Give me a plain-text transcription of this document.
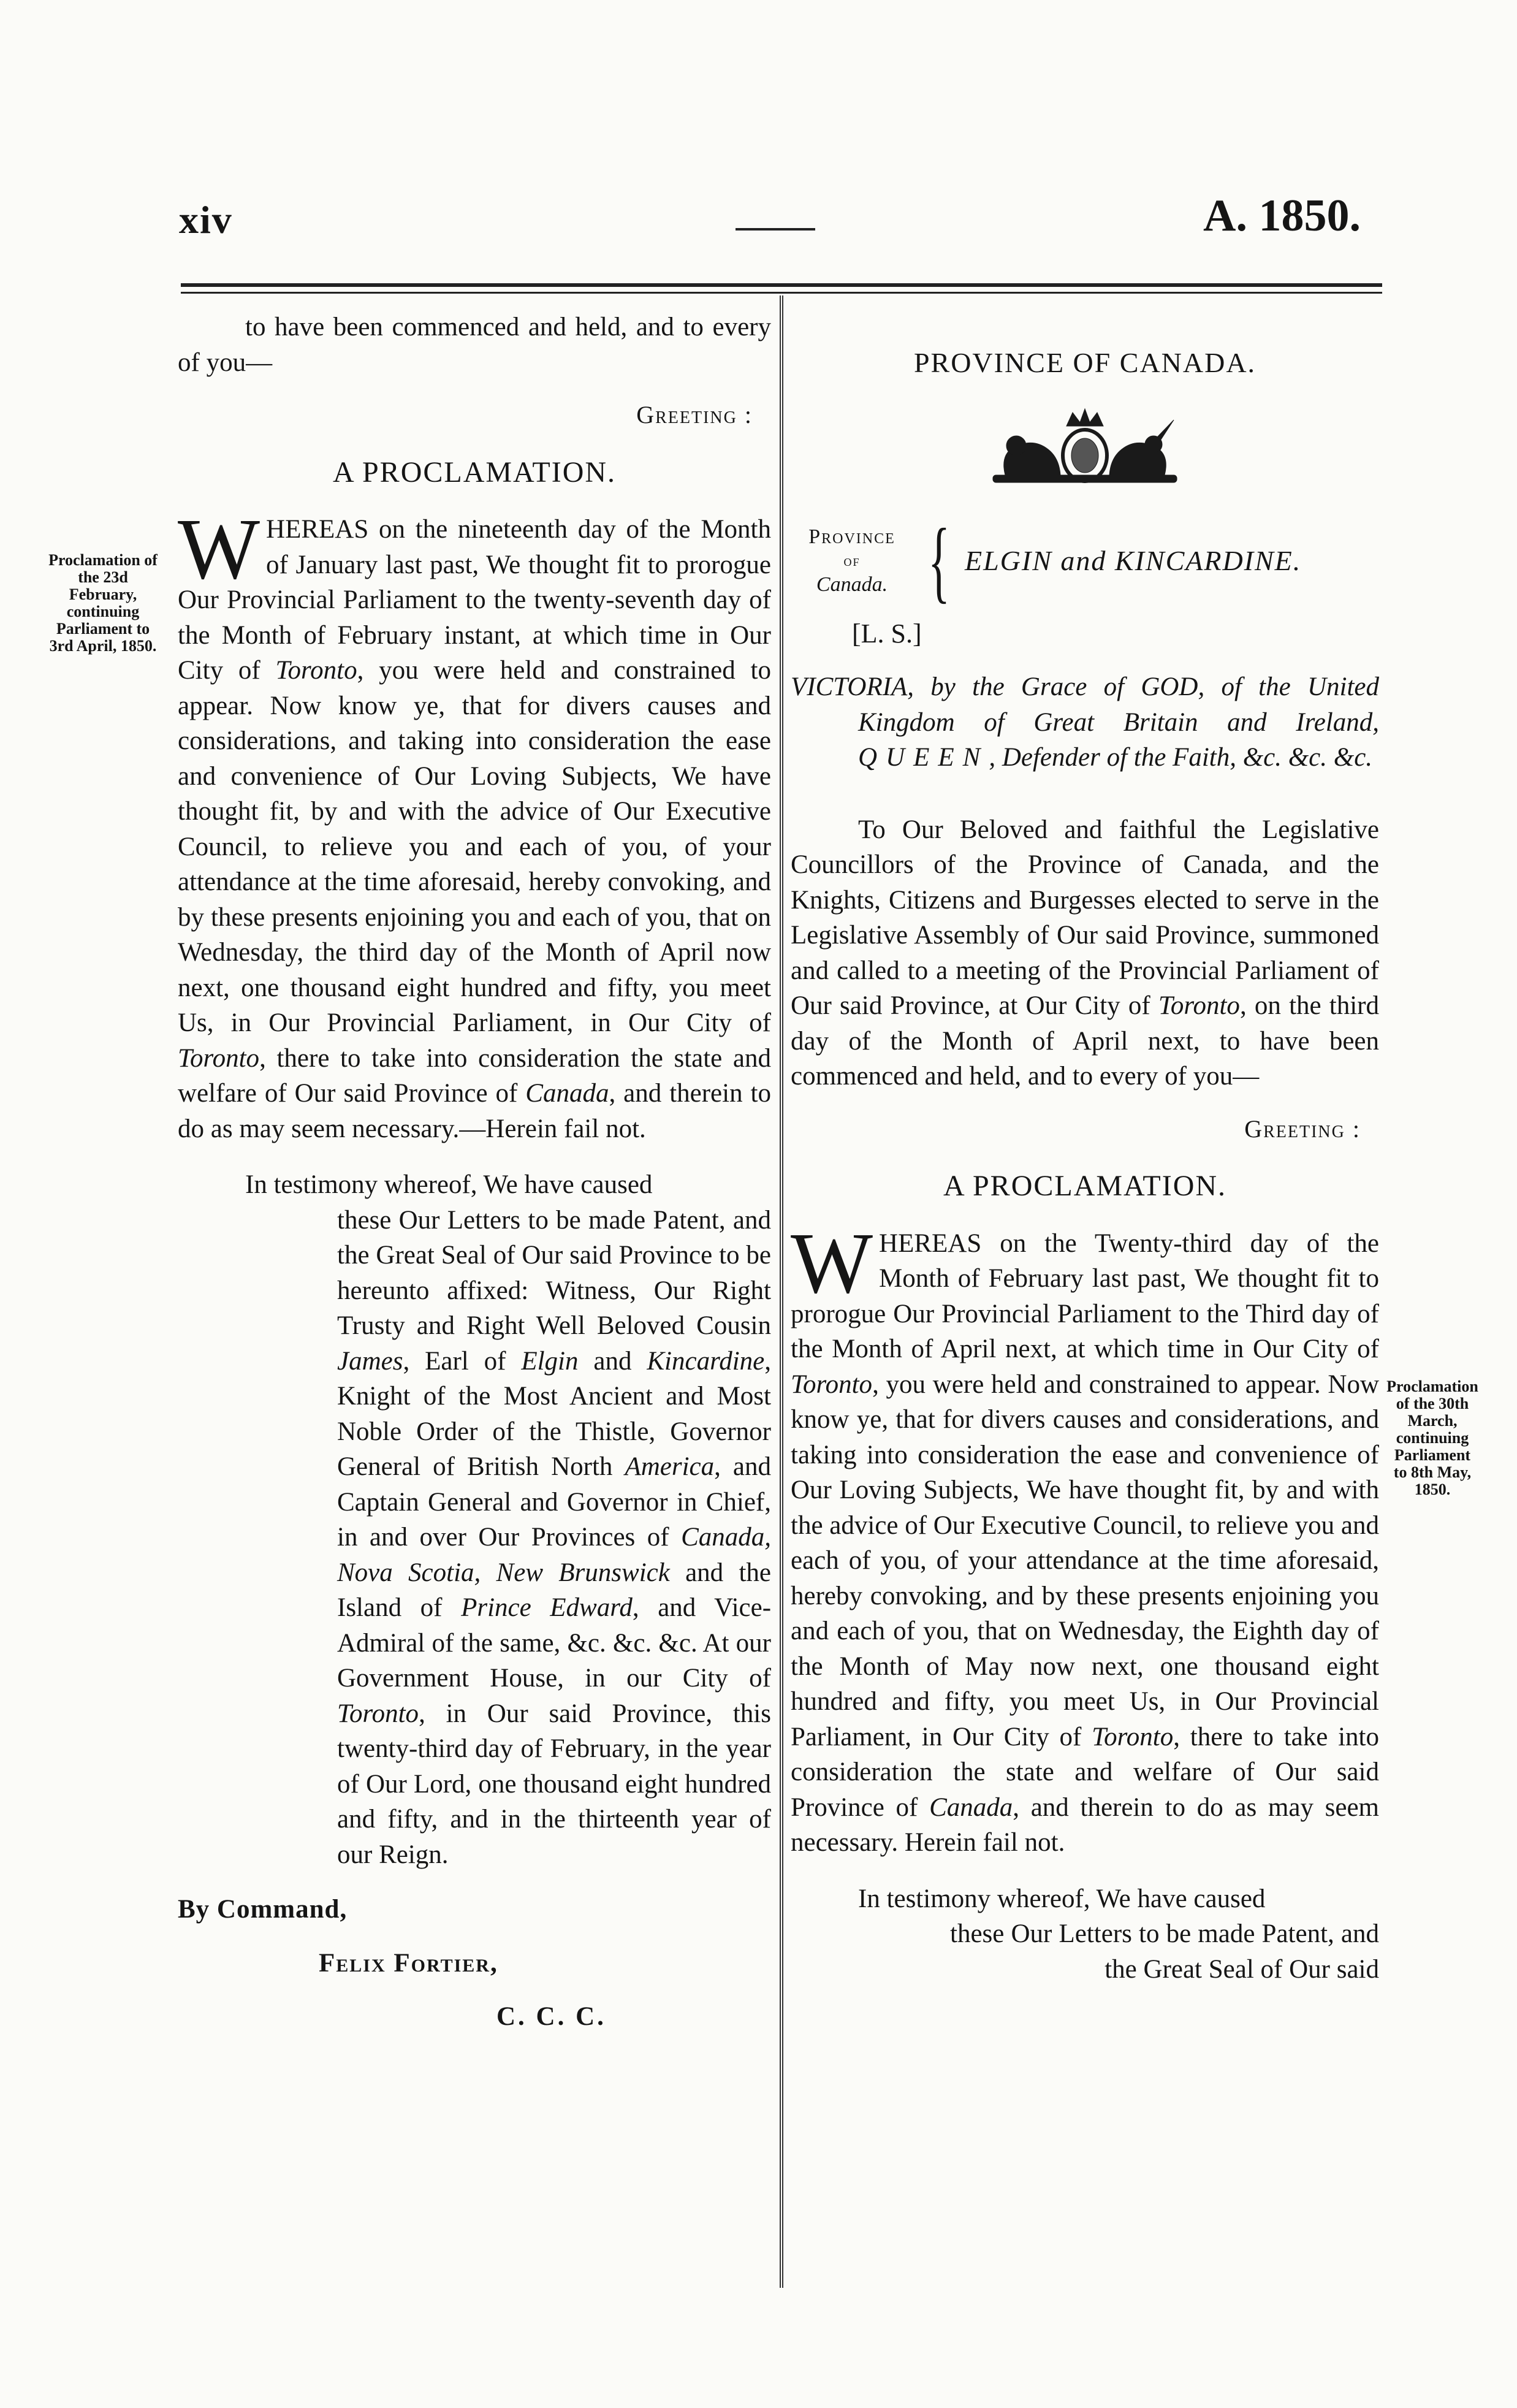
xiv	A. 1850.
Proclamation of the 23d February, continuing Parliament to 3rd April, 1850.
to have been commenced and held, and to every of you—
Greeting :
A PROCLAMATION.
WHEREAS on the nineteenth day of the Month of January last past, We thought fit to prorogue Our Provincial Parliament to the twenty-seventh day of the Month of February instant, at which time in Our City of Toronto, you were held and constrained to appear. Now know ye, that for divers causes and considerations, and taking into consideration the ease and convenience of Our Loving Subjects, We have thought fit, by and with the advice of Our Executive Council, to relieve you and each of you, of your attendance at the time aforesaid, hereby convoking, and by these presents enjoining you and each of you, that on Wednesday, the third day of the Month of April now next, one thousand eight hundred and fifty, you meet Us, in Our Provincial Parliament, in Our City of Toronto, there to take into consideration the state and welfare of Our said Province of Canada, and therein to do as may seem necessary.—Herein fail not.
In testimony whereof, We have caused
these Our Letters to be made Patent, and the Great Seal of Our said Province to be hereunto affixed: Witness, Our Right Trusty and Right Well Beloved Cousin James, Earl of Elgin and Kincardine, Knight of the Most Ancient and Most Noble Order of the Thistle, Governor General of British North America, and Captain General and Governor in Chief, in and over Our Provinces of Canada, Nova Scotia, New Brunswick and the Island of Prince Edward, and Vice-Admiral of the same, &c. &c. &c. At our Government House, in our City of Toronto, in Our said Province, this twenty-third day of February, in the year of Our Lord, one thousand eight hundred and fifty, and in the thirteenth year of our Reign.
By Command,
Felix Fortier,
C. C. C.
PROVINCE OF CANADA.
Province
of
Canada. { ELGIN and KINCARDINE.
[L. S.]
VICTORIA, by the Grace of GOD, of the United Kingdom of Great Britain and Ireland, QUEEN, Defender of the Faith, &c. &c. &c.
To Our Beloved and faithful the Legislative Councillors of the Province of Canada, and the Knights, Citizens and Burgesses elected to serve in the Legislative Assembly of Our said Province, summoned and called to a meeting of the Provincial Parliament of Our said Province, at Our City of Toronto, on the third day of the Month of April next, to have been commenced and held, and to every of you—
Greeting :
A PROCLAMATION.
WHEREAS on the Twenty-third day of the Month of February last past, We thought fit to prorogue Our Provincial Parliament to the Third day of the Month of April next, at which time in Our City of Toronto, you were held and constrained to appear. Now know ye, that for divers causes and considerations, and taking into consideration the ease and convenience of Our Loving Subjects, We have thought fit, by and with the advice of Our Executive Council, to relieve you and each of you, of your attendance at the time aforesaid, hereby convoking, and by these presents enjoining you and each of you, that on Wednesday, the Eighth day of the Month of May now next, one thousand eight hundred and fifty, you meet Us, in Our Provincial Parliament, in Our City of Toronto, there to take into consideration the state and welfare of Our said Province of Canada, and therein to do as may seem necessary. Herein fail not.
In testimony whereof, We have caused
these Our Letters to be made Patent, and the Great Seal of Our said
Proclamation of the 30th March, continuing Parliament to 8th May, 1850.
